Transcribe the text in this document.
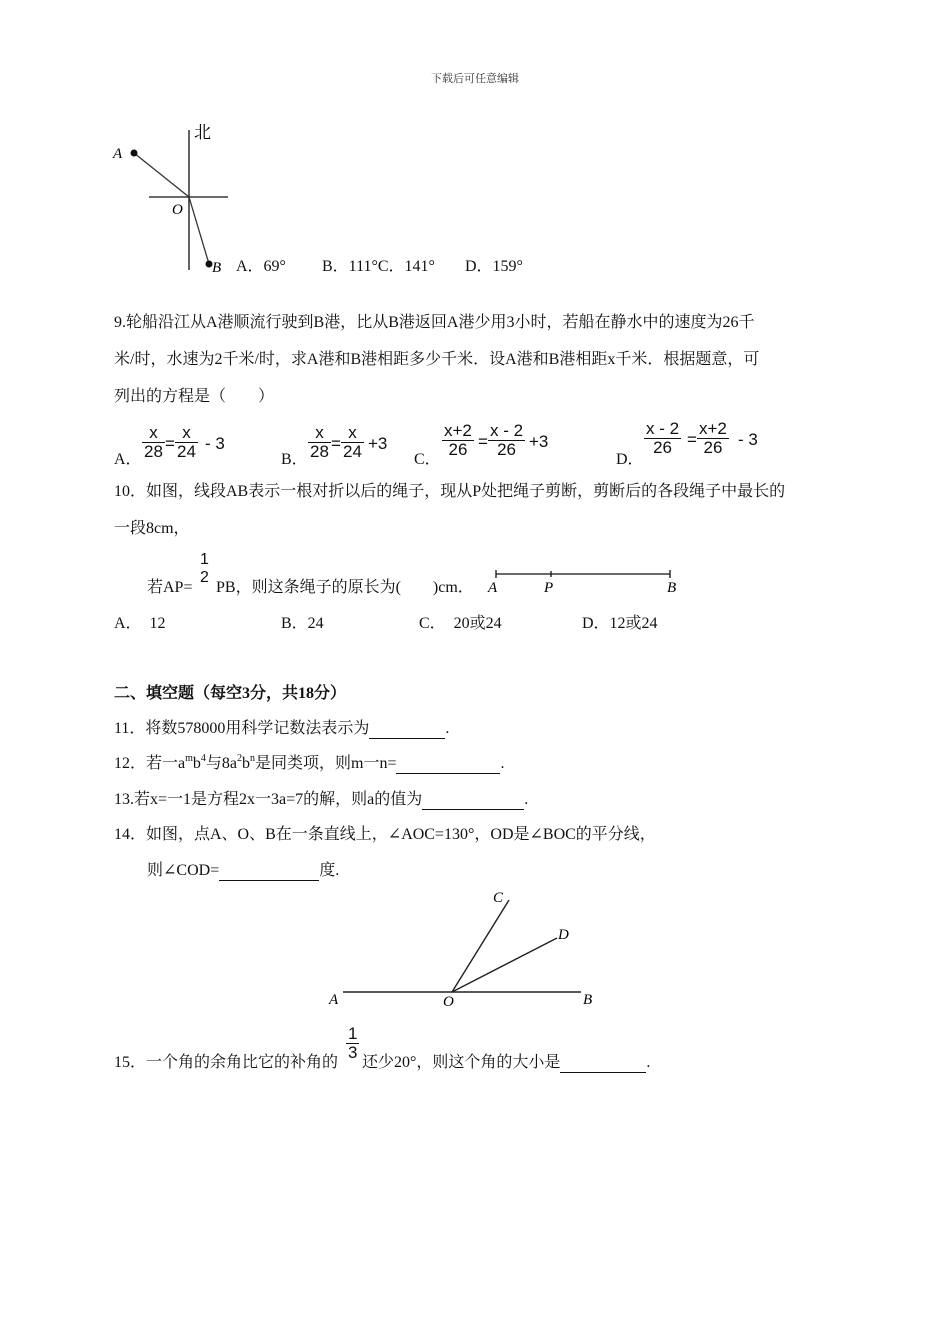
下载后可任意编辑
北
A
O
B A．69° B．111°C．141° D．159°
9.轮船沿江从A港顺流行驶到B港，比从B港返回A港少用3小时，若船在静水中的速度为26千
米/时，水速为2千米/时，求A港和B港相距多少千米．设A港和B港相距x千米．根据题意，可
列出的方程是（　　）
A． $\frac{x}{28} = \frac{x}{24} - 3$
B． $\frac{x}{28} = \frac{x}{24} +3$
C．
$\frac{x+2}{26} = \frac{x - 2}{26} +3$
D．
$\frac{x - 2}{26} = \frac{x+2}{26} - 3$
10．如图，线段AB表示一根对折以后的绳子，现从P处把绳子剪断，剪断后的各段绳子中最长的
一段8cm，
若AP=
1
2
PB，则这条绳子的原长为(　　)cm． A	P	B
A．　12	B．24	C．　20或24	D．12或24
二、填空题（每空3分，共18分）
11．将数578000用科学记数法表示为	.
12．若一$a^mb^4$与$8a^2b^n$是同类项，则m一n=	.
13.若x=一1是方程2x一3a=7的解，则a的值为	.
14．如图，点A、O、B在一条直线上，∠AOC=130°，OD是∠BOC的平分线，
则∠COD=	度.
A	O	B
C
D
15．一个角的余角比它的补角的
$\frac{1}{3}$
还少20°，则这个角的大小是	.
